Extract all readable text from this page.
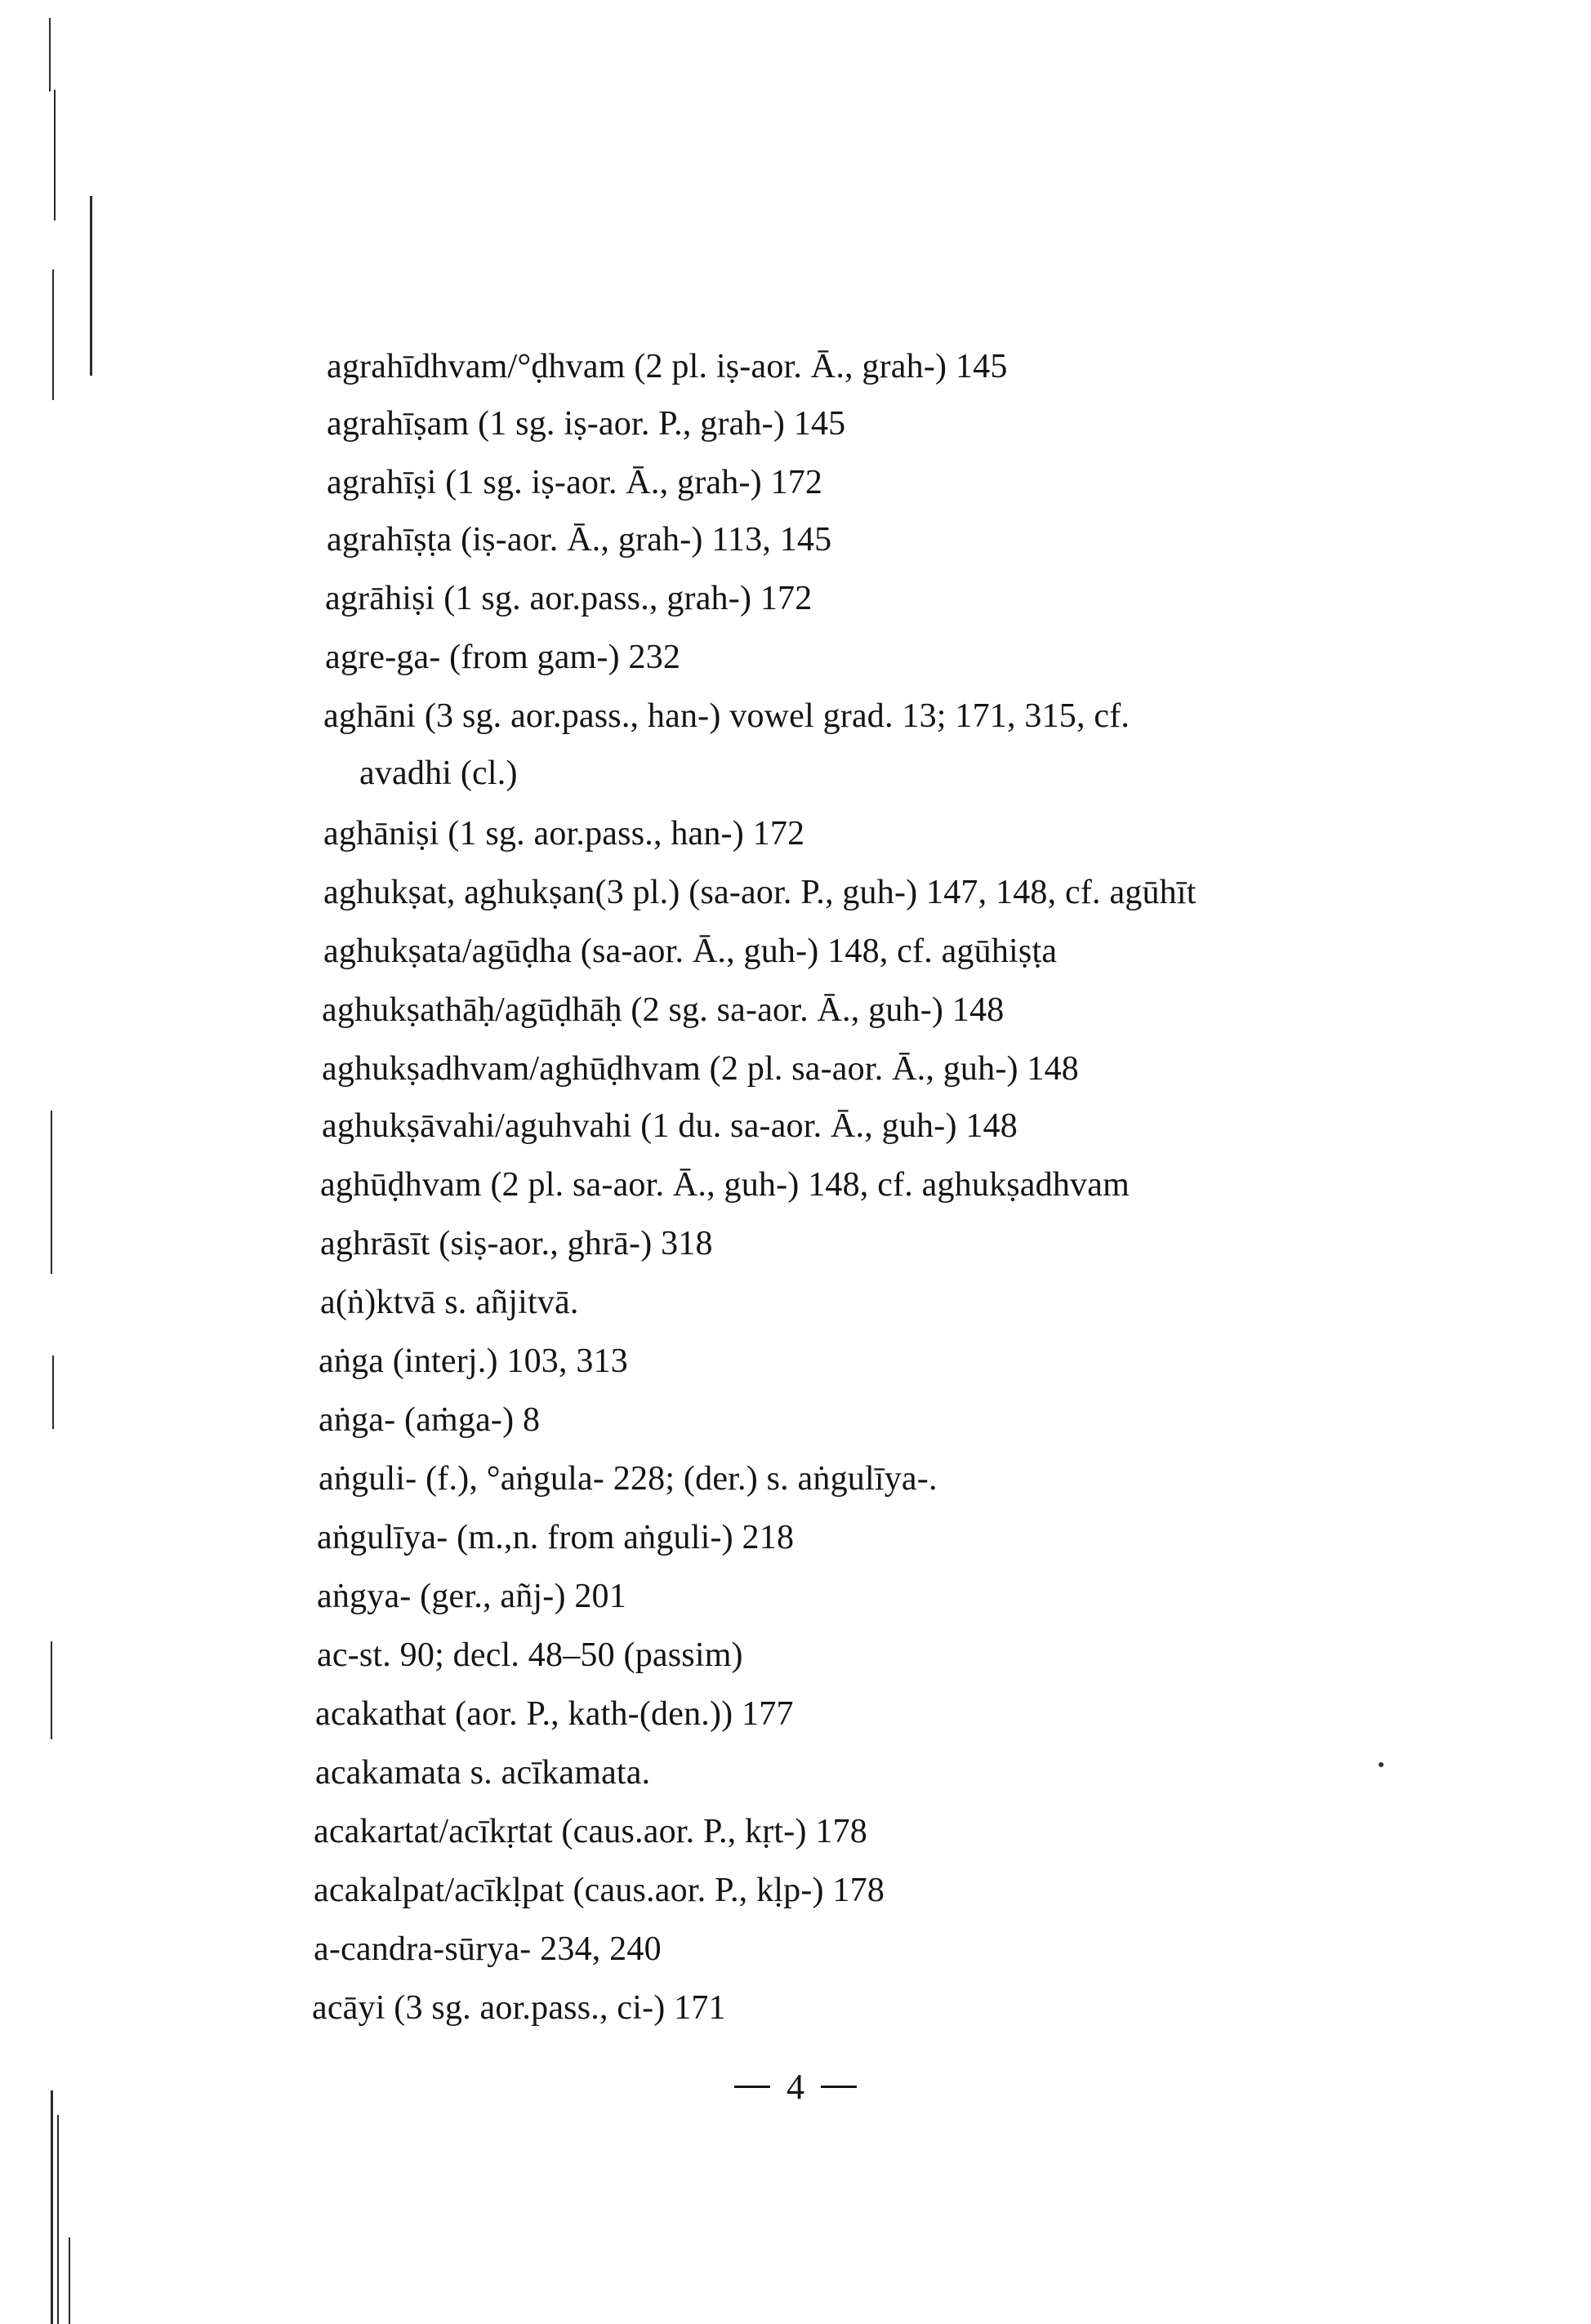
agrahīdhvam/°ḍhvam (2 pl. iṣ-aor. Ā., grah-) 145

agrahīṣam (1 sg. iṣ-aor. P., grah-) 145

agrahīṣi (1 sg. iṣ-aor. Ā., grah-) 172

agrahīṣṭa (iṣ-aor. Ā., grah-) 113, 145

agrāhiṣi (1 sg. aor.pass., grah-) 172

agre-ga- (from gam-) 232

aghāni (3 sg. aor.pass., han-) vowel grad. 13; 171, 315, cf.

avadhi (cl.)

aghāniṣi (1 sg. aor.pass., han-) 172

aghukṣat, aghukṣan(3 pl.) (sa-aor. P., guh-) 147, 148, cf. agūhīt

aghukṣata/agūḍha (sa-aor. Ā., guh-) 148, cf. agūhiṣṭa

aghukṣathāḥ/agūḍhāḥ (2 sg. sa-aor. Ā., guh-) 148

aghukṣadhvam/aghūḍhvam (2 pl. sa-aor. Ā., guh-) 148

aghukṣāvahi/aguhvahi (1 du. sa-aor. Ā., guh-) 148

aghūḍhvam (2 pl. sa-aor. Ā., guh-) 148, cf. aghukṣadhvam

aghrāsīt (siṣ-aor., ghrā-) 318

a(ṅ)ktvā s. añjitvā.

aṅga (interj.) 103, 313

aṅga- (aṁga-) 8

aṅguli- (f.), °aṅgula- 228; (der.) s. aṅgulīya-.

aṅgulīya- (m.,n. from aṅguli-) 218

aṅgya- (ger., añj-) 201

ac-st. 90; decl. 48–50 (passim)

acakathat (aor. P., kath-(den.)) 177

acakamata s. acīkamata.

acakartat/acīkṛtat (caus.aor. P., kṛt-) 178

acakalpat/acīkḷpat (caus.aor. P., kḷp-) 178

a-candra-sūrya- 234, 240

acāyi (3 sg. aor.pass., ci-) 171

4
